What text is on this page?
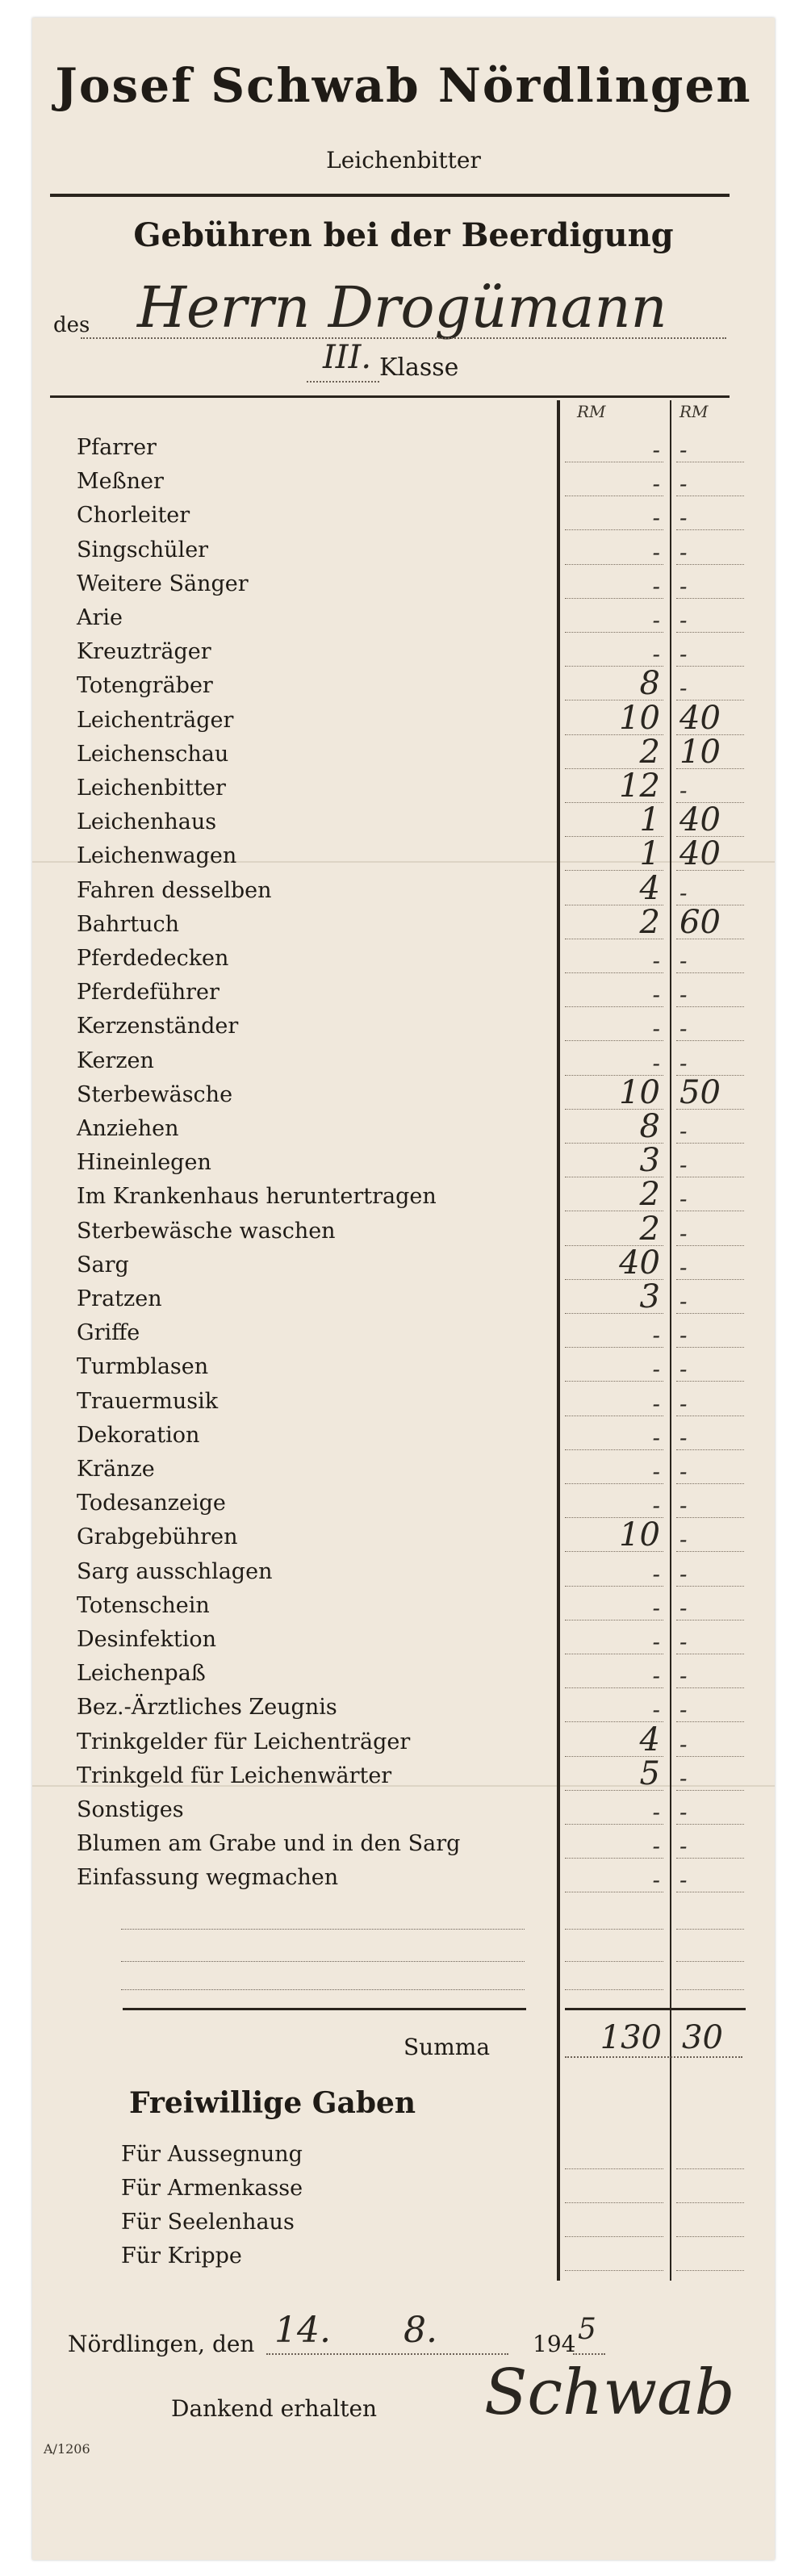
Josef Schwab Nördlingen
Leichenbitter
Gebühren bei der Beerdigung
des Herrn Drogümann
III. Klasse
RM	RM
Pfarrer	- -
Meßner	- -
Chorleiter	- -
Singschüler	- -
Weitere Sänger	- -
Arie	- -
Kreuzträger	- -
Totengräber	8 -
Leichenträger	10 40
Leichenschau	2 10
Leichenbitter	12 -
Leichenhaus	1 40
Leichenwagen	1 40
Fahren desselben	4 -
Bahrtuch	2 60
Pferdedecken	- -
Pferdeführer	- -
Kerzenständer	- -
Kerzen	- -
Sterbewäsche	10 50
Anziehen	8 -
Hineinlegen	3 -
Im Krankenhaus heruntertragen	2 -
Sterbewäsche waschen	2 -
Sarg	40 -
Pratzen	3 -
Griffe	- -
Turmblasen	- -
Trauermusik	- -
Dekoration	- -
Kränze	- -
Todesanzeige	- -
Grabgebühren	10 -
Sarg ausschlagen	- -
Totenschein	- -
Desinfektion	- -
Leichenpaß	- -
Bez.-Ärztliches Zeugnis	- -
Trinkgelder für Leichenträger	4 -
Trinkgeld für Leichenwärter	5 -
Sonstiges	- -
Blumen am Grabe und in den Sarg	- -
Einfassung wegmachen	- -
Summa	130 30
Freiwillige Gaben
Für Aussegnung
Für Armenkasse
Für Seelenhaus
Für Krippe
Nördlingen, den 14. 8.	194 5
Dankend erhalten Schwab
A/1206
